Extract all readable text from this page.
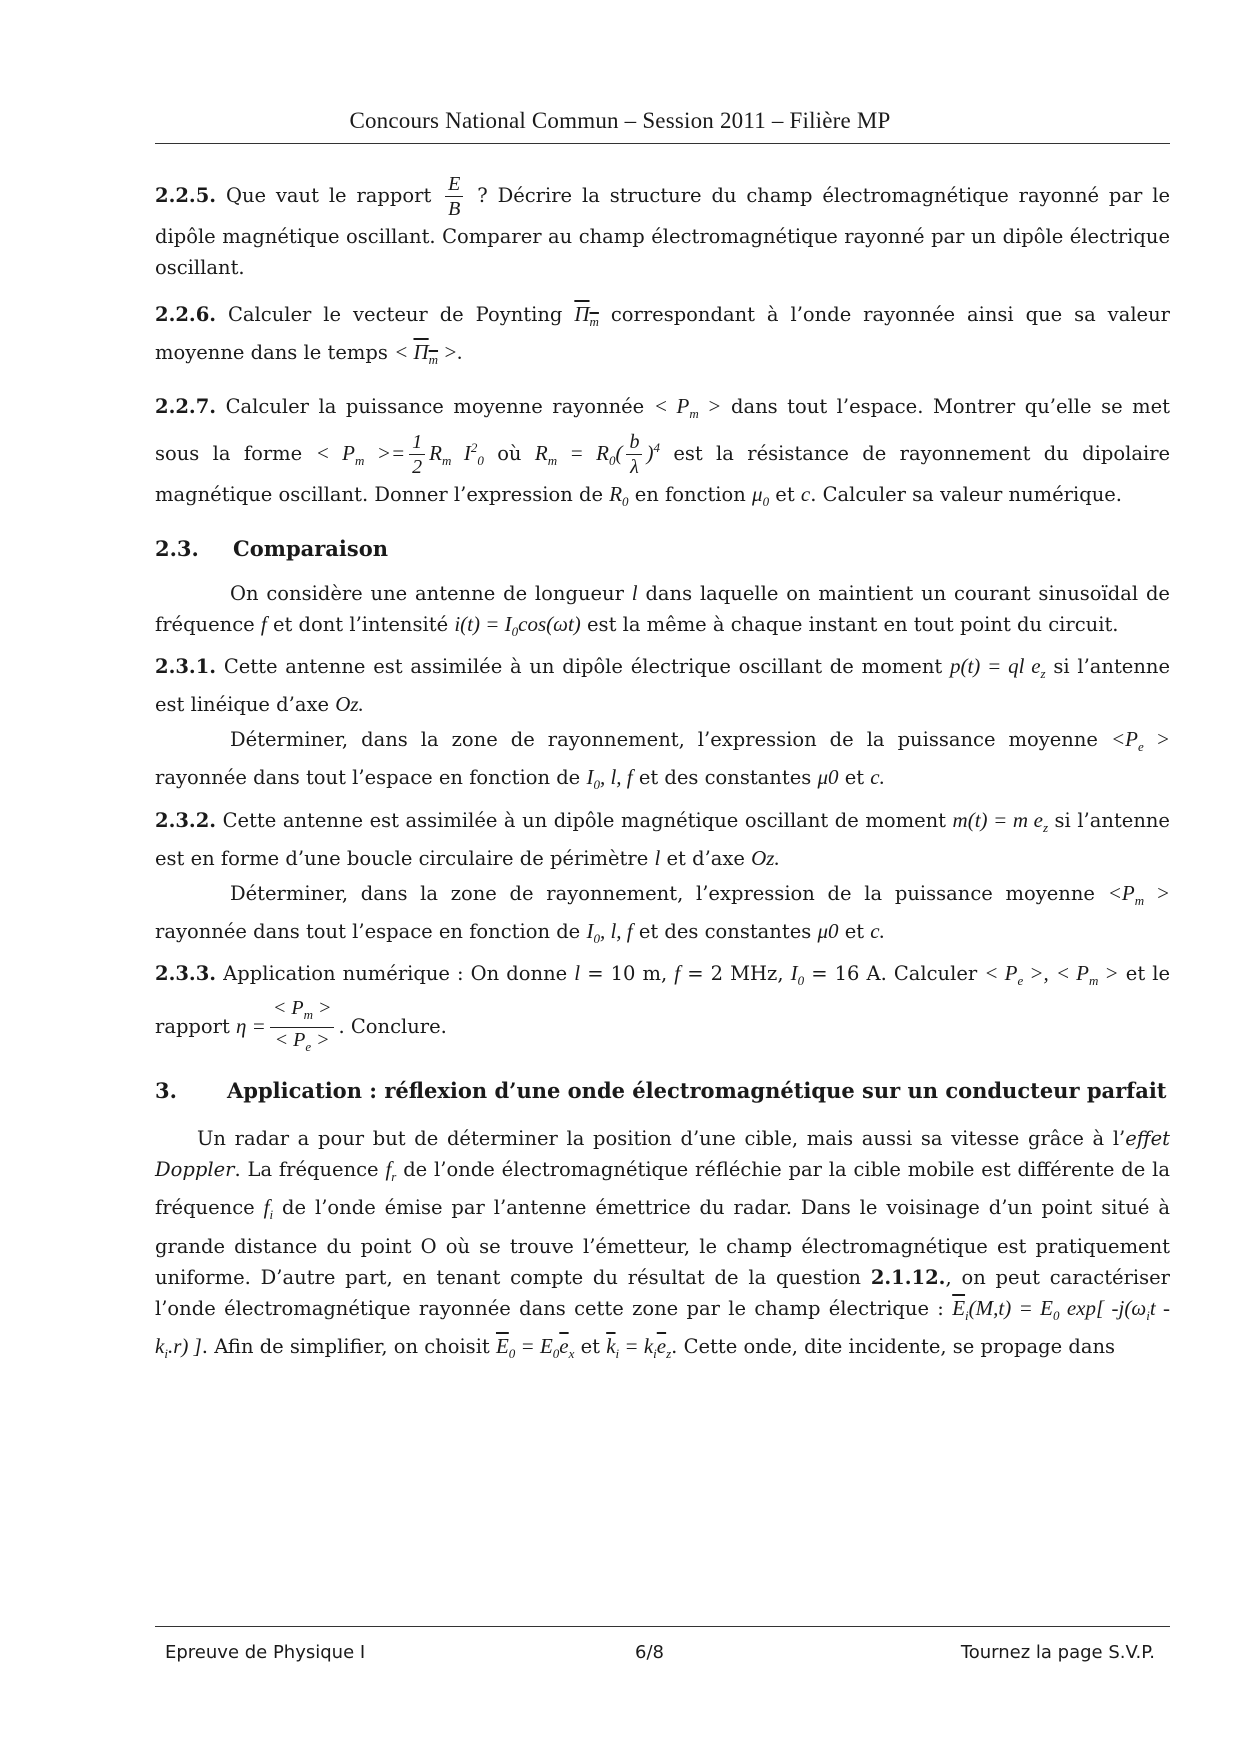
Concours National Commun – Session 2011 – Filière MP

2.2.5. Que vaut le rapport $\frac{E}{B}$ ? Décrire la structure du champ électromagnétique rayonné par le dipôle magnétique oscillant. Comparer au champ électromagnétique rayonné par un dipôle électrique oscillant.

2.2.6. Calculer le vecteur de Poynting $\Pi_m$ correspondant à l’onde rayonnée ainsi que sa valeur moyenne dans le temps < $\Pi_m$ >.

2.2.7. Calculer la puissance moyenne rayonnée < $P_m$ > dans tout l’espace. Montrer qu’elle se met sous la forme < $P_m >= \frac{1}{2} R_m$ $I^2_0$ où $R_m = R_0( \frac{b}{\lambda} )^4$ est la résistance de rayonnement du dipolaire magnétique oscillant. Donner l’expression de $R_0$ en fonction $\mu_0$ et c. Calculer sa valeur numérique.

2.3. Comparaison

On considère une antenne de longueur l dans laquelle on maintient un courant sinusoïdal de fréquence f et dont l’intensité $i(t) = I_0\cos(\omega t)$ est la même à chaque instant en tout point du circuit.

2.3.1. Cette antenne est assimilée à un dipôle électrique oscillant de moment p(t) = ql $e_z$ si l’antenne est linéique d’axe Oz.

Déterminer, dans la zone de rayonnement, l’expression de la puissance moyenne $<P_e$ > rayonnée dans tout l’espace en fonction de $I_0$, l, f et des constantes μ0 et c.

2.3.2. Cette antenne est assimilée à un dipôle magnétique oscillant de moment m(t) = m $e_z$ si l’antenne est en forme d’une boucle circulaire de périmètre l et d’axe Oz.

Déterminer, dans la zone de rayonnement, l’expression de la puissance moyenne $<P_m$ > rayonnée dans tout l’espace en fonction de $I_0$, l, f et des constantes μ0 et c.

2.3.3. Application numérique : On donne l = 10 m, f = 2 MHz, $I_0 = 16$ A. Calculer < $P_e$ >, < $P_m$ > et le rapport $\eta = \frac{< P_m >}{< P_e >}$ . Conclure.

3.	Application : réflexion d’une onde électromagnétique sur un conducteur parfait

Un radar a pour but de déterminer la position d’une cible, mais aussi sa vitesse grâce à l’effet Doppler. La fréquence $f_r$ de l’onde électromagnétique réfléchie par la cible mobile est différente de la fréquence $f_i$ de l’onde émise par l’antenne émettrice du radar. Dans le voisinage d’un point situé à grande distance du point O où se trouve l’émetteur, le champ électromagnétique est pratiquement uniforme. D’autre part, en tenant compte du résultat de la question 2.1.12., on peut caractériser l’onde électromagnétique rayonnée dans cette zone par le champ électrique : $\overline{E}_i(M,t) = E_0$ exp[ $-j(\omega_it - k_i.r)$ ]. Afin de simplifier, on choisit $\overline{E}_0 = E_0\overline{e}_x$ et $\overline{k}_i = k_i\overline{e}_z$. Cette onde, dite incidente, se propage dans

Epreuve de Physique I	6/8	Tournez la page S.V.P.
